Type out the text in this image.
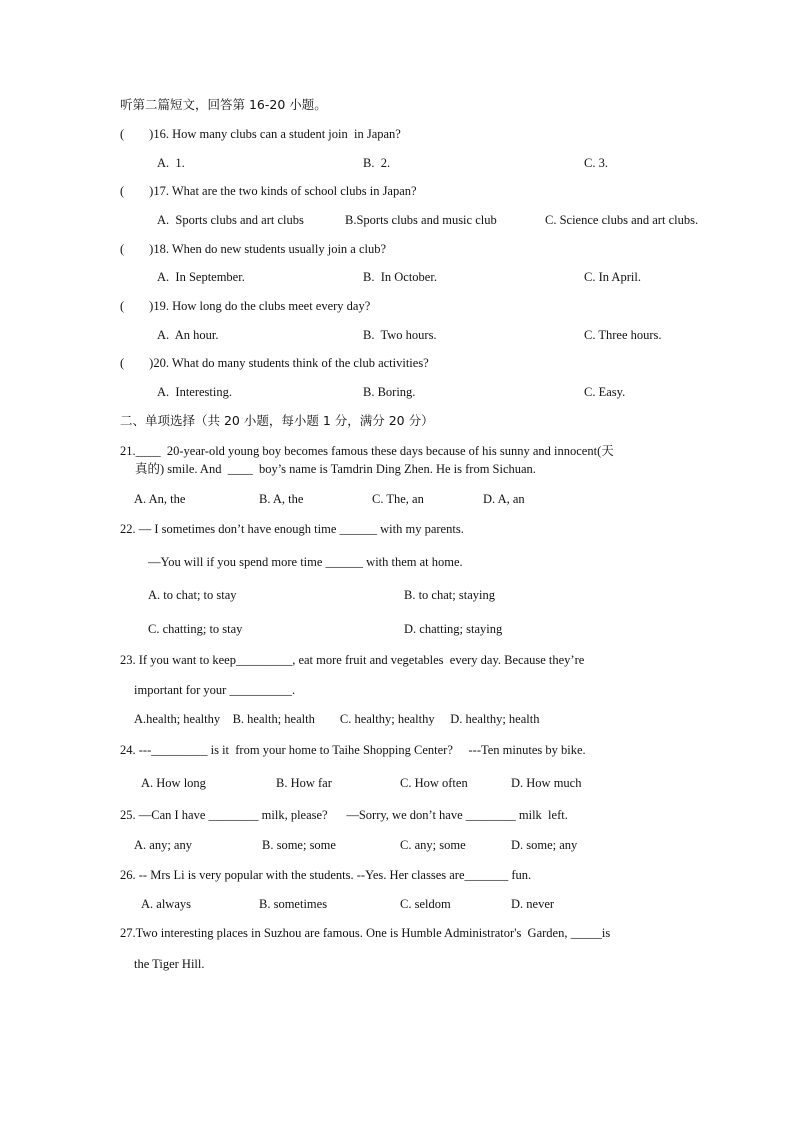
听第二篇短文，回答第 16-20 小题。
(        )16. How many clubs can a student join  in Japan?
A.  1.	B.  2.	C. 3.
(        )17. What are the two kinds of school clubs in Japan?
A.  Sports clubs and art clubs	B.Sports clubs and music club	C. Science clubs and art clubs.
(        )18. When do new students usually join a club?
A.  In September.	B.  In October.	C. In April.
(        )19. How long do the clubs meet every day?
A.  An hour.	B.  Two hours.	C. Three hours.
(        )20. What do many students think of the club activities?
A.  Interesting.	B. Boring.	C. Easy.
二、单项选择（共 20 小题，每小题 1 分，满分 20 分）
21.____  20-year-old young boy becomes famous these days because of his sunny and innocent(天
真的) smile. And  ____  boy’s name is Tamdrin Ding Zhen. He is from Sichuan.
A. An, the	B. A, the	C. The, an	D. A, an
22. — I sometimes don’t have enough time ______ with my parents.
—You will if you spend more time ______ with them at home.
A. to chat; to stay	B. to chat; staying
C. chatting; to stay	D. chatting; staying
23. If you want to keep_________, eat more fruit and vegetables  every day. Because they’re
important for your __________.
A.health; healthy    B. health; health        C. healthy; healthy     D. healthy; health
24. ---_________ is it  from your home to Taihe Shopping Center?     ---Ten minutes by bike.
A. How long	B. How far	C. How often	D. How much
25. —Can I have ________ milk, please?      —Sorry, we don’t have ________ milk  left.
A. any; any	B. some; some	C. any; some	D. some; any
26. -- Mrs Li is very popular with the students. --Yes. Her classes are_______ fun.
A. always	B. sometimes	C. seldom	D. never
27.Two interesting places in Suzhou are famous. One is Humble Administrator's  Garden, _____is
the Tiger Hill.
